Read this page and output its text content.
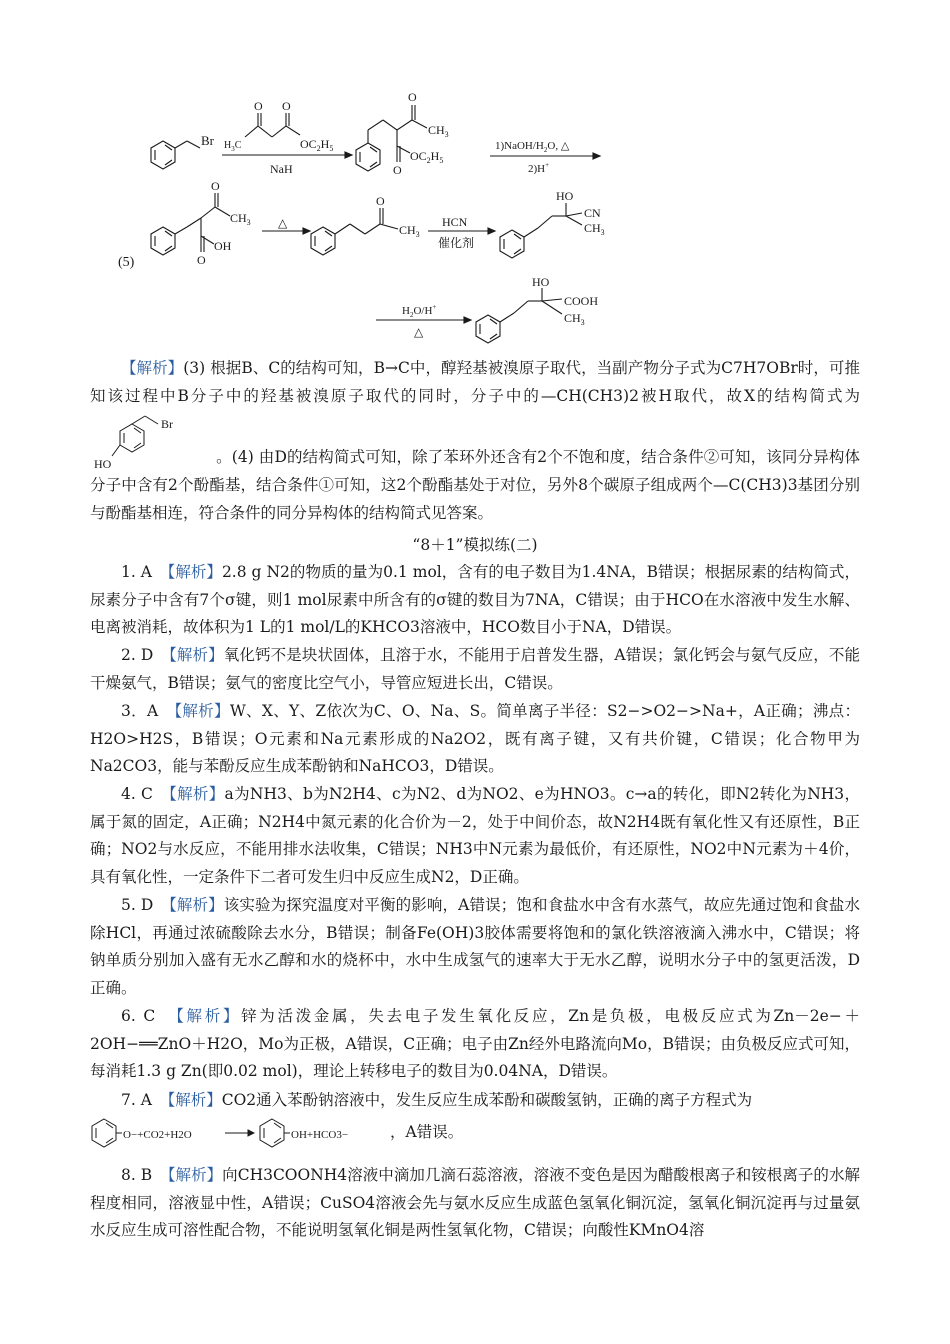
Br $H_3C$
O O
$OC_2H_5$
NaH
O
$CH_3$
$OC_2H_5$
O
$1)NaOH/H_2O$, △
2)H+
O
$CH_3$
OH
O
(5)
△
O
$CH_3$
HCN
催化剂
HO
CN
$CH_3$
$H_2O/H^+$
△
HO
COOH
$CH_3$
【解析】(3) 根据B、C的结构可知，B→C中，醇羟基被溴原子取代，当副产物分子式为C7H7OBr时，可推知该过程中B分子中的羟基被溴原子取代的同时，分子中的—CH(CH3)2被H取代，故X的结构简式为
Br
HO	。(4) 由D的结构简式可知，除了苯环外还含有2个不饱和度，结合条件②可知，该同分异构体分子中含有2个酚酯基，结合条件①可知，这2个酚酯基处于对位，另外8个碳原子组成两个—C(CH3)3基团分别与酚酯基相连，符合条件的同分异构体的结构简式见答案。
“8＋1”模拟练(二)
1. A　 【解析】2.8 g N2的物质的量为0.1 mol，含有的电子数目为1.4NA，B错误；根据尿素的结构简式，尿素分子中含有7个σ键，则1 mol尿素中所含有的σ键的数目为7NA，C错误；由于HCO在水溶液中发生水解、电离被消耗，故体积为1 L的1 mol/L的KHCO3溶液中，HCO数目小于NA，D错误。
2. D　 【解析】氧化钙不是块状固体，且溶于水，不能用于启普发生器，A错误；氯化钙会与氨气反应，不能干燥氨气，B错误；氨气的密度比空气小，导管应短进长出，C错误。
3．A　 【解析】W、X、Y、Z依次为C、O、Na、S。简单离子半径：S2−>O2−>Na+，A正确；沸点：H2O>H2S，B错误；O元素和Na元素形成的Na2O2，既有离子键，又有共价键，C错误；化合物甲为Na2CO3，能与苯酚反应生成苯酚钠和NaHCO3，D错误。
4. C　 【解析】a为NH3、b为N2H4、c为N2、d为NO2、e为HNO3。c→a的转化，即N2转化为NH3，属于氮的固定，A正确；N2H4中氮元素的化合价为－2，处于中间价态，故N2H4既有氧化性又有还原性，B正确；NO2与水反应，不能用排水法收集，C错误；NH3中N元素为最低价，有还原性，NO2中N元素为＋4价，具有氧化性，一定条件下二者可发生归中反应生成N2，D正确。
5. D　 【解析】该实验为探究温度对平衡的影响，A错误；饱和食盐水中含有水蒸气，故应先通过饱和食盐水除HCl，再通过浓硫酸除去水分，B错误；制备Fe(OH)3胶体需要将饱和的氯化铁溶液滴入沸水中，C错误；将钠单质分别加入盛有无水乙醇和水的烧杯中，水中生成氢气的速率大于无水乙醇，说明水分子中的氢更活泼，D正确。
6. C　 【解析】锌为活泼金属，失去电子发生氧化反应，Zn是负极，电极反应式为Zn－2e−＋2OH−══ZnO＋H2O，Mo为正极，A错误，C正确；电子由Zn经外电路流向Mo，B错误；由负极反应式可知，每消耗1.3 g Zn(即0.02 mol)，理论上转移电子的数目为0.04NA，D错误。
7. A　 【解析】CO2通入苯酚钠溶液中，发生反应生成苯酚和碳酸氢钠，正确的离子方程式为

O−+CO2+H2O	OH+HCO3−	，A错误。
8. B　 【解析】向CH3COONH4溶液中滴加几滴石蕊溶液，溶液不变色是因为醋酸根离子和铵根离子的水解程度相同，溶液显中性，A错误；CuSO4溶液会先与氨水反应生成蓝色氢氧化铜沉淀，氢氧化铜沉淀再与过量氨水反应生成可溶性配合物，不能说明氢氧化铜是两性氢氧化物，C错误；向酸性KMnO4溶
